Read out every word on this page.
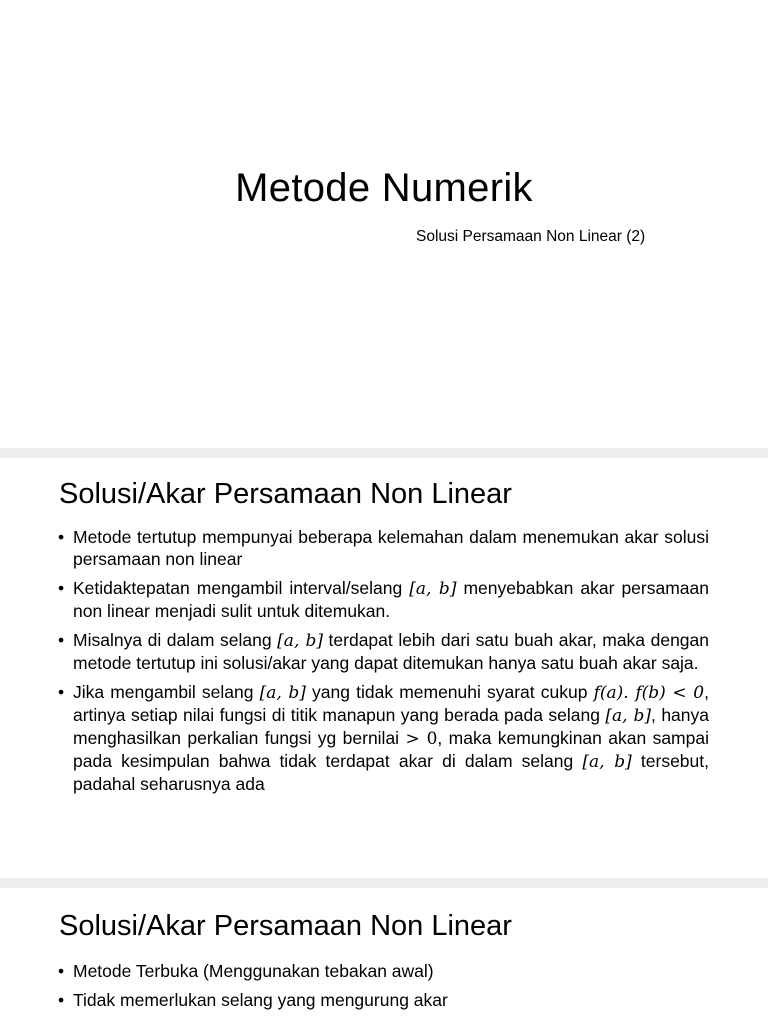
Metode Numerik

Solusi Persamaan Non Linear (2)

Solusi/Akar Persamaan Non Linear
• Metode tertutup mempunyai beberapa kelemahan dalam menemukan akar solusi persamaan non linear
• Ketidaktepatan mengambil interval/selang [a, b] menyebabkan akar persamaan non linear menjadi sulit untuk ditemukan.
• Misalnya di dalam selang [a, b] terdapat lebih dari satu buah akar, maka dengan metode tertutup ini solusi/akar yang dapat ditemukan hanya satu buah akar saja.
• Jika mengambil selang [a, b] yang tidak memenuhi syarat cukup f(a). f(b) < 0, artinya setiap nilai fungsi di titik manapun yang berada pada selang [a, b], hanya menghasilkan perkalian fungsi yg bernilai > 0, maka kemungkinan akan sampai pada kesimpulan bahwa tidak terdapat akar di dalam selang [a, b] tersebut, padahal seharusnya ada
Solusi/Akar Persamaan Non Linear
• Metode Terbuka (Menggunakan tebakan awal)
• Tidak memerlukan selang yang mengurung akar
